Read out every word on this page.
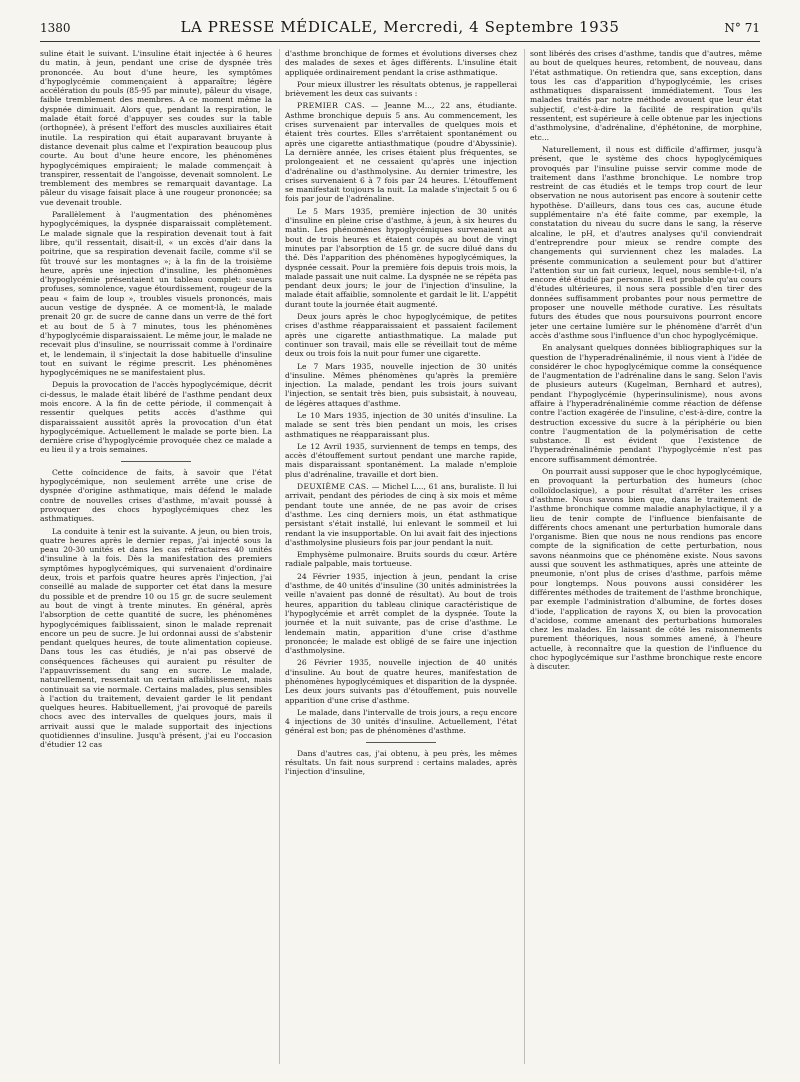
1380	LA PRESSE MÉDICALE, Mercredi, 4 Septembre 1935	N° 71

suline était le suivant. L'insuline était injectée à 6 heures du matin, à jeun, pendant une crise de dyspnée très prononcée. Au bout d'une heure, les symptômes d'hypoglycémie commençaient à apparaître; légère accélération du pouls (85-95 par minute), pâleur du visage, faible tremblement des membres. A ce moment même la dyspnée diminuait. Alors que, pendant la respiration, le malade était forcé d'appuyer ses coudes sur la table (orthopnée), à présent l'effort des muscles auxiliaires était inutile. La respiration qui était auparavant bruyante à distance devenait plus calme et l'expiration beaucoup plus courte. Au bout d'une heure encore, les phénomènes hypoglycémiques empiraient; le malade commençait à transpirer, ressentait de l'angoisse, devenait somnolent. Le tremblement des membres se remarquait davantage. La pâleur du visage faisait place à une rougeur prononcée; sa vue devenait trouble.

Parallèlement à l'augmentation des phénomènes hypoglycémiques, la dyspnée disparaissait complètement. Le malade signale que la respiration devenait tout à fait libre, qu'il ressentait, disait-il, « un excès d'air dans la poitrine, que sa respiration devenait facile, comme s'il se fût trouvé sur les montagnes »; à la fin de la troisième heure, après une injection d'insuline, les phénomènes d'hypoglycémie présentaient un tableau complet: sueurs profuses, somnolence, vague étourdissement, rougeur de la peau « faim de loup », troubles visuels prononcés, mais aucun vestige de dyspnée. A ce moment-là, le malade prenait 20 gr. de sucre de canne dans un verre de thé fort et au bout de 5 à 7 minutes, tous les phénomènes d'hypoglycémie disparaissaient. Le même jour, le malade ne recevait plus d'insuline, se nourrissait comme à l'ordinaire et, le lendemain, il s'injectait la dose habituelle d'insuline tout en suivant le régime prescrit. Les phénomènes hypoglycémiques ne se manifestaient plus.

Depuis la provocation de l'accès hypoglycémique, décrit ci-dessus, le malade était libéré de l'asthme pendant deux mois encore. A la fin de cette période, il commençait à ressentir quelques petits accès d'asthme qui disparaissaient aussitôt après la provocation d'un état hypoglycémique. Actuellement le malade se porte bien. La dernière crise d'hypoglycémie provoquée chez ce malade a eu lieu il y a trois semaines.

Cette coïncidence de faits, à savoir que l'état hypoglycémique, non seulement arrête une crise de dyspnée d'origine asthmatique, mais défend le malade contre de nouvelles crises d'asthme, m'avait poussé à provoquer des chocs hypoglycémiques chez les asthmatiques.

La conduite à tenir est la suivante. A jeun, ou bien trois, quatre heures après le dernier repas, j'ai injecté sous la peau 20-30 unités et dans les cas réfractaires 40 unités d'insuline à la fois. Dès la manifestation des premiers symptômes hypoglycémiques, qui survenaient d'ordinaire deux, trois et parfois quatre heures après l'injection, j'ai conseillé au malade de supporter cet état dans la mesure du possible et de prendre 10 ou 15 gr. de sucre seulement au bout de vingt à trente minutes. En général, après l'absorption de cette quantité de sucre, les phénomènes hypoglycémiques faiblissaient, sinon le malade reprenait encore un peu de sucre. Je lui ordonnai aussi de s'abstenir pendant quelques heures, de toute alimentation copieuse. Dans tous les cas étudiés, je n'ai pas observé de conséquences fâcheuses qui auraient pu résulter de l'appauvrissement du sang en sucre. Le malade, naturellement, ressentait un certain affaiblissement, mais continuait sa vie normale. Certains malades, plus sensibles à l'action du traitement, devaient garder le lit pendant quelques heures. Habituellement, j'ai provoqué de pareils chocs avec des intervalles de quelques jours, mais il arrivait aussi que le malade supportait des injections quotidiennes d'insuline. Jusqu'à présent, j'ai eu l'occasion d'étudier 12 cas

d'asthme bronchique de formes et évolutions diverses chez des malades de sexes et âges différents. L'insuline était appliquée ordinairement pendant la crise asthmatique.

Pour mieux illustrer les résultats obtenus, je rappellerai brièvement les deux cas suivants :

PREMIER CAS. — Jeanne M..., 22 ans, étudiante. Asthme bronchique depuis 5 ans. Au commencement, les crises survenaient par intervalles de quelques mois et étaient très courtes. Elles s'arrêtaient spontanément ou après une cigarette antiasthmatique (poudre d'Abyssinie). La dernière année, les crises étaient plus fréquentes, se prolongeaient et ne cessaient qu'après une injection d'adrénaline ou d'asthmolysine. Au dernier trimestre, les crises survenaient 6 à 7 fois par 24 heures. L'étouffement se manifestait toujours la nuit. La malade s'injectait 5 ou 6 fois par jour de l'adrénaline.

Le 5 Mars 1935, première injection de 30 unités d'insuline en pleine crise d'asthme, à jeun, à six heures du matin. Les phénomènes hypoglycémiques survenaient au bout de trois heures et étaient coupés au bout de vingt minutes par l'absorption de 15 gr. de sucre dilué dans du thé. Dès l'apparition des phénomènes hypoglycémiques, la dyspnée cessait. Pour la première fois depuis trois mois, la malade passait une nuit calme. La dyspnée ne se répéta pas pendant deux jours; le jour de l'injection d'insuline, la malade était affaiblie, somnolente et gardait le lit. L'appétit durant toute la journée était augmenté.

Deux jours après le choc hypoglycémique, de petites crises d'asthme réapparaissaient et passaient facilement après une cigarette antiasthmatique. La malade put continuer son travail, mais elle se réveillait tout de même deux ou trois fois la nuit pour fumer une cigarette.

Le 7 Mars 1935, nouvelle injection de 30 unités d'insuline. Mêmes phénomènes qu'après la première injection. La malade, pendant les trois jours suivant l'injection, se sentait très bien, puis subsistait, à nouveau, de légères attaques d'asthme.

Le 10 Mars 1935, injection de 30 unités d'insuline. La malade se sent très bien pendant un mois, les crises asthmatiques ne réapparaissant plus.

Le 12 Avril 1935, surviennent de temps en temps, des accès d'étouffement surtout pendant une marche rapide, mais disparaissant spontanément. La malade n'emploie plus d'adrénaline, travaille et dort bien.

DEUXIÈME CAS. — Michel L..., 61 ans, buraliste. Il lui arrivait, pendant des périodes de cinq à six mois et même pendant toute une année, de ne pas avoir de crises d'asthme. Les cinq derniers mois, un état asthmatique persistant s'était installé, lui enlevant le sommeil et lui rendant la vie insupportable. On lui avait fait des injections d'asthmolysine plusieurs fois par jour pendant la nuit.

Emphysème pulmonaire. Bruits sourds du cœur. Artère radiale palpable, mais tortueuse.

24 Février 1935, injection à jeun, pendant la crise d'asthme, de 40 unités d'insuline (30 unités administrées la veille n'avaient pas donné de résultat). Au bout de trois heures, apparition du tableau clinique caractéristique de l'hypoglycémie et arrêt complet de la dyspnée. Toute la journée et la nuit suivante, pas de crise d'asthme. Le lendemain matin, apparition d'une crise d'asthme prononcée; le malade est obligé de se faire une injection d'asthmolysine.

26 Février 1935, nouvelle injection de 40 unités d'insuline. Au bout de quatre heures, manifestation de phénomènes hypoglycémiques et disparition de la dyspnée. Les deux jours suivants pas d'étouffement, puis nouvelle apparition d'une crise d'asthme.

Le malade, dans l'intervalle de trois jours, a reçu encore 4 injections de 30 unités d'insuline. Actuellement, l'état général est bon; pas de phénomènes d'asthme.

Dans d'autres cas, j'ai obtenu, à peu près, les mêmes résultats. Un fait nous surprend : certains malades, après l'injection d'insuline,

sont libérés des crises d'asthme, tandis que d'autres, même au bout de quelques heures, retombent, de nouveau, dans l'état asthmatique. On retiendra que, sans exception, dans tous les cas d'apparition d'hypoglycémie, les crises asthmatiques disparaissent immédiatement. Tous les malades traités par notre méthode avouent que leur état subjectif, c'est-à-dire la facilité de respiration qu'ils ressentent, est supérieure à celle obtenue par les injections d'asthmolysine, d'adrénaline, d'éphétonine, de morphine, etc...

Naturellement, il nous est difficile d'affirmer, jusqu'à présent, que le système des chocs hypoglycémiques provoqués par l'insuline puisse servir comme mode de traitement dans l'asthme bronchique. Le nombre trop restreint de cas étudiés et le temps trop court de leur observation ne nous autorisent pas encore à soutenir cette hypothèse. D'ailleurs, dans tous ces cas, aucune étude supplémentaire n'a été faite comme, par exemple, la constatation du niveau du sucre dans le sang, la réserve alcaline, le pH, et d'autres analyses qu'il conviendrait d'entreprendre pour mieux se rendre compte des changements qui surviennent chez les malades. La présente communication a seulement pour but d'attirer l'attention sur un fait curieux, lequel, nous semble-t-il, n'a encore été étudié par personne. Il est probable qu'au cours d'études ultérieures, il nous sera possible d'en tirer des données suffisamment probantes pour nous permettre de proposer une nouvelle méthode curative. Les résultats futurs des études que nous poursuivons pourront encore jeter une certaine lumière sur le phénomène d'arrêt d'un accès d'asthme sous l'influence d'un choc hypoglycémique.

En analysant quelques données bibliographiques sur la question de l'hyperadrénalinémie, il nous vient à l'idée de considérer le choc hypoglycémique comme la conséquence de l'augmentation de l'adrénaline dans le sang. Selon l'avis de plusieurs auteurs (Kugelman, Bernhard et autres), pendant l'hypoglycémie (hyperinsulinisme), nous avons affaire à l'hyperadrénalinémie comme réaction de défense contre l'action exagérée de l'insuline, c'est-à-dire, contre la destruction excessive du sucre à la périphérie ou bien contre l'augmentation de la polymérisation de cette substance. Il est évident que l'existence de l'hyperadrénalinémie pendant l'hypoglycémie n'est pas encore suffisamment démontrée.

On pourrait aussi supposer que le choc hypoglycémique, en provoquant la perturbation des humeurs (choc colloïdoclasique), a pour résultat d'arrêter les crises d'asthme. Nous savons bien que, dans le traitement de l'asthme bronchique comme maladie anaphylactique, il y a lieu de tenir compte de l'influence bienfaisante de différents chocs amenant une perturbation humorale dans l'organisme. Bien que nous ne nous rendions pas encore compte de la signification de cette perturbation, nous savons néanmoins que ce phénomène existe. Nous savons aussi que souvent les asthmatiques, après une atteinte de pneumonie, n'ont plus de crises d'asthme, parfois même pour longtemps. Nous pouvons aussi considérer les différentes méthodes de traitement de l'asthme bronchique, par exemple l'administration d'albumine, de fortes doses d'iode, l'application de rayons X, ou bien la provocation d'acidose, comme amenant des perturbations humorales chez les malades. En laissant de côté les raisonnements purement théoriques, nous sommes amené, à l'heure actuelle, à reconnaître que la question de l'influence du choc hypoglycémique sur l'asthme bronchique reste encore à discuter.
